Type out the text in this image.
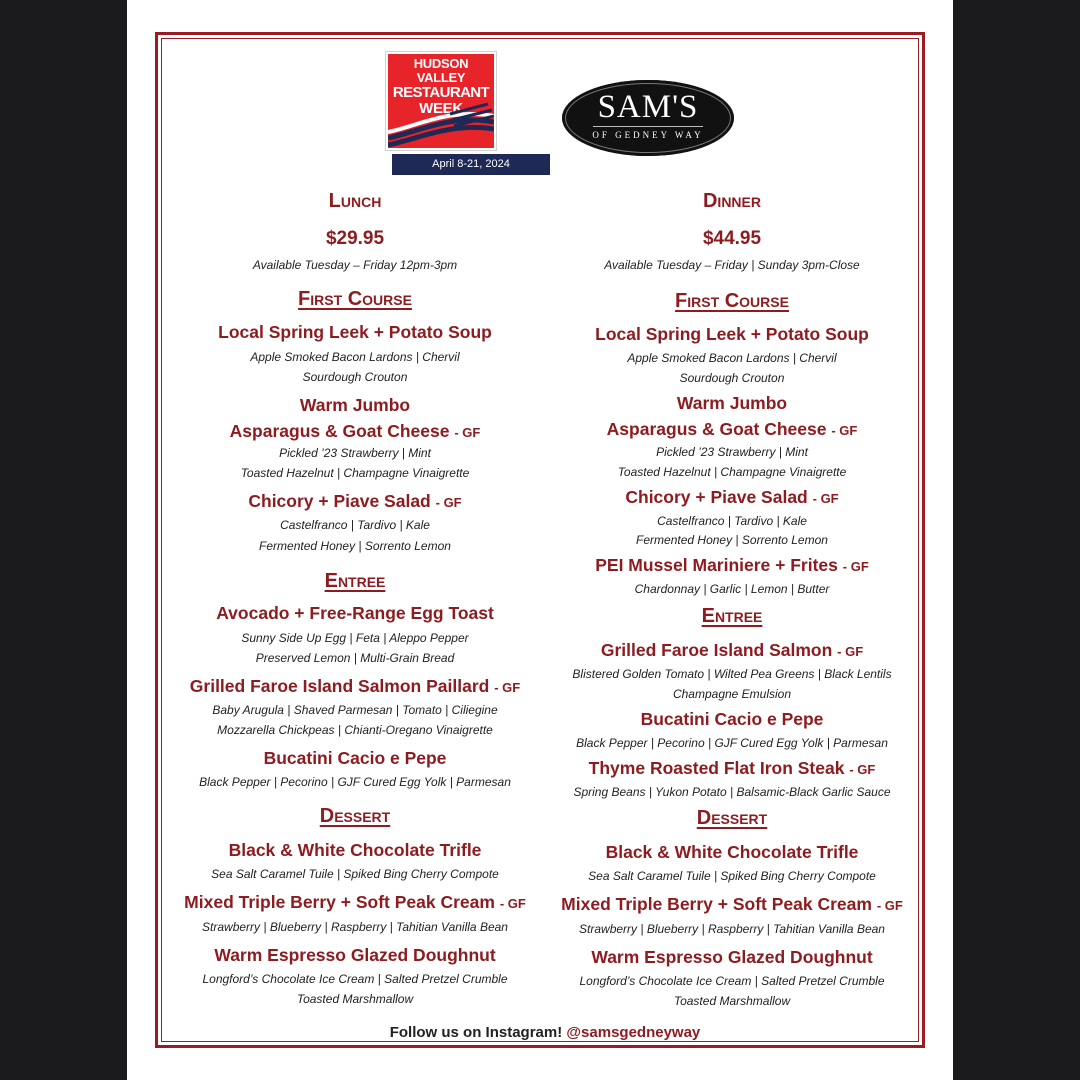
HUDSON VALLEY
RESTAURANT
WEEK
April 8-21, 2024
SAM'S
OF GEDNEY WAY
Lunch
$29.95
Available Tuesday – Friday 12pm-3pm
First Course
Local Spring Leek + Potato Soup
Apple Smoked Bacon Lardons | Chervil
Sourdough Crouton
Warm Jumbo
Asparagus & Goat Cheese - GF
Pickled ’23 Strawberry | Mint
Toasted Hazelnut | Champagne Vinaigrette
Chicory + Piave Salad - GF
Castelfranco | Tardivo | Kale
Fermented Honey | Sorrento Lemon
Entree
Avocado + Free-Range Egg Toast
Sunny Side Up Egg | Feta | Aleppo Pepper
Preserved Lemon | Multi-Grain Bread
Grilled Faroe Island Salmon Paillard - GF
Baby Arugula | Shaved Parmesan | Tomato | Ciliegine
Mozzarella Chickpeas | Chianti-Oregano Vinaigrette
Bucatini Cacio e Pepe
Black Pepper | Pecorino | GJF Cured Egg Yolk | Parmesan
Dessert
Black & White Chocolate Trifle
Sea Salt Caramel Tuile | Spiked Bing Cherry Compote
Mixed Triple Berry + Soft Peak Cream - GF
Strawberry | Blueberry | Raspberry | Tahitian Vanilla Bean
Warm Espresso Glazed Doughnut
Longford’s Chocolate Ice Cream | Salted Pretzel Crumble
Toasted Marshmallow
Dinner
$44.95
Available Tuesday – Friday | Sunday 3pm-Close
First Course
Local Spring Leek + Potato Soup
Apple Smoked Bacon Lardons | Chervil
Sourdough Crouton
Warm Jumbo
Asparagus & Goat Cheese - GF
Pickled ’23 Strawberry | Mint
Toasted Hazelnut | Champagne Vinaigrette
Chicory + Piave Salad - GF
Castelfranco | Tardivo | Kale
Fermented Honey | Sorrento Lemon
PEI Mussel Mariniere + Frites - GF
Chardonnay | Garlic | Lemon | Butter
Entree
Grilled Faroe Island Salmon - GF
Blistered Golden Tomato | Wilted Pea Greens | Black Lentils
Champagne Emulsion
Bucatini Cacio e Pepe
Black Pepper | Pecorino | GJF Cured Egg Yolk | Parmesan
Thyme Roasted Flat Iron Steak - GF
Spring Beans | Yukon Potato | Balsamic-Black Garlic Sauce
Dessert
Black & White Chocolate Trifle
Sea Salt Caramel Tuile | Spiked Bing Cherry Compote
Mixed Triple Berry + Soft Peak Cream - GF
Strawberry | Blueberry | Raspberry | Tahitian Vanilla Bean
Warm Espresso Glazed Doughnut
Longford’s Chocolate Ice Cream | Salted Pretzel Crumble
Toasted Marshmallow
Follow us on Instagram! @samsgedneyway
